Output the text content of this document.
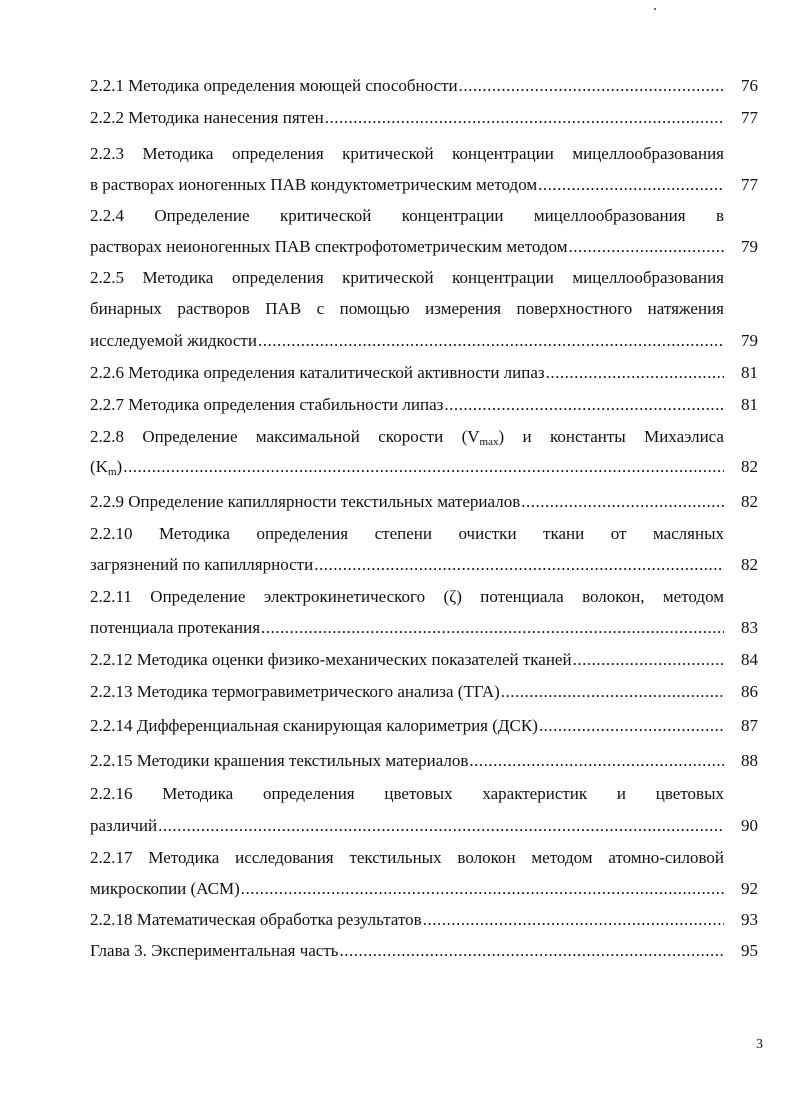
2.2.1 Методика определения моющей способности .....	76
2.2.2 Методика нанесения пятен .....	77
2.2.3 Методика определения критической концентрации мицеллообразования
в растворах ионогенных ПАВ кондуктометрическим методом .....	77
2.2.4 Определение критической концентрации мицеллообразования в
растворах неионогенных ПАВ спектрофотометрическим методом .....	79
2.2.5 Методика определения критической концентрации мицеллообразования
бинарных растворов ПАВ с помощью измерения поверхностного натяжения
исследуемой жидкости .....	79
2.2.6 Методика определения каталитической активности липаз .....	81
2.2.7 Методика определения стабильности липаз .....	81
2.2.8 Определение максимальной скорости $(V_{max})$ и константы Михаэлиса
$(K_m)$ .....	82
2.2.9 Определение капиллярности текстильных материалов .....	82
2.2.10 Методика определения степени очистки ткани от масляных
загрязнений по капиллярности .....	82
2.2.11 Определение электрокинетического (ζ) потенциала волокон, методом
потенциала протекания .....	83
2.2.12 Методика оценки физико-механических показателей тканей .....	84
2.2.13 Методика термогравиметрического анализа (ТГА) .....	86
2.2.14 Дифференциальная сканирующая калориметрия (ДСК) .....	87
2.2.15 Методики крашения текстильных материалов .....	88
2.2.16 Методика определения цветовых характеристик и цветовых
различий .....	90
2.2.17 Методика исследования текстильных волокон методом атомно-силовой
микроскопии (АСМ) .....	92
2.2.18 Математическая обработка результатов .....	93
Глава 3. Экспериментальная часть .....	95
3
